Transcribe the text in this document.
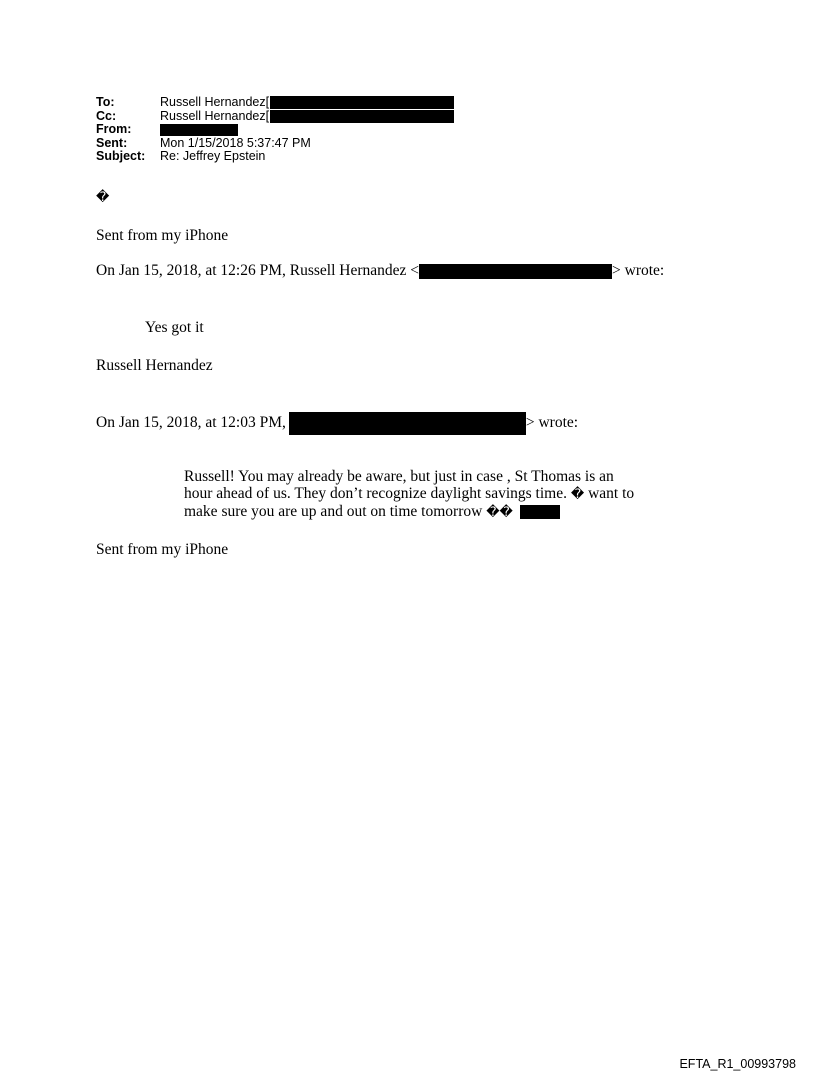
To:	Russell Hernandez[
Cc:	Russell Hernandez[
From:
Sent:	Mon 1/15/2018 5:37:47 PM
Subject:	Re: Jeffrey Epstein
�
Sent from my iPhone
On Jan 15, 2018, at 12:26 PM, Russell Hernandez <	> wrote:
Yes got it
Russell Hernandez
On Jan 15, 2018, at 12:03 PM,	> wrote:
Russell! You may already be aware, but just in case , St Thomas is an hour ahead of us. They don’t recognize daylight savings time. � want to make sure you are up and out on time tomorrow ��
Sent from my iPhone
EFTA_R1_00993798
